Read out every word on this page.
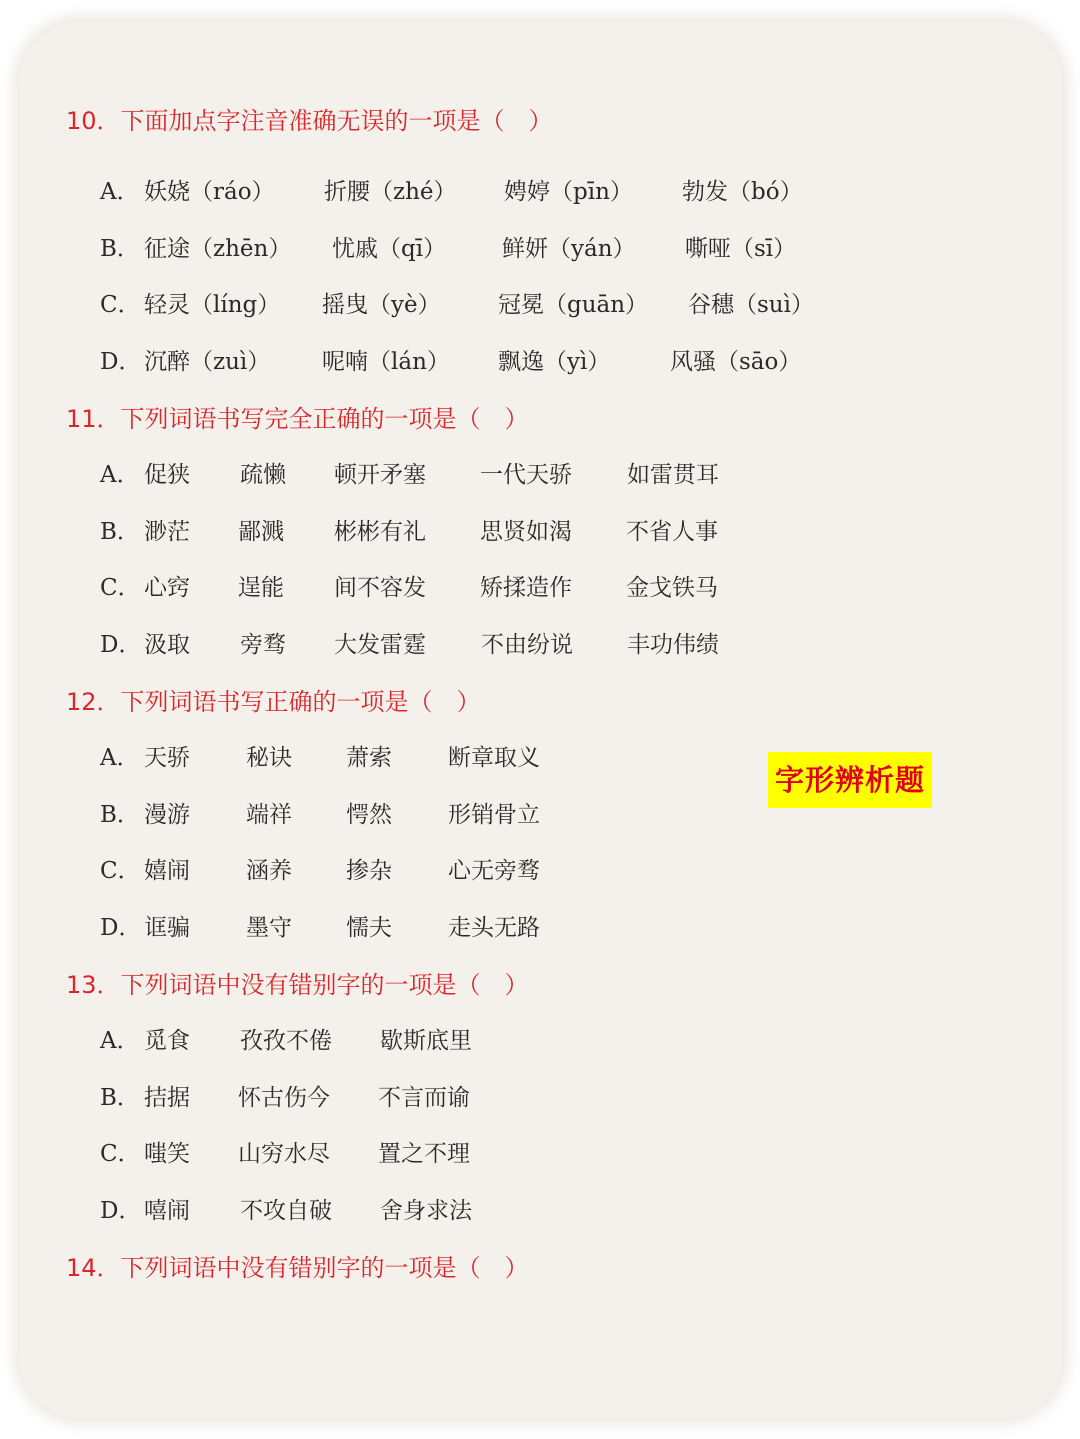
10．下面加点字注音准确无误的一项是（　）
A． 妖娆（ráo） 折腰（zhé） 娉婷（pīn） 勃发（bó）
B． 征途（zhēn） 忧戚（qī） 鲜妍（yán） 嘶哑（sī）
C． 轻灵（líng） 摇曳（yè） 冠冕（guān） 谷穗（suì）
D． 沉醉（zuì） 呢喃（lán） 飘逸（yì）	风骚（sāo）
11．下列词语书写完全正确的一项是（　）
A． 促狭 疏懒 顿开矛塞 一代天骄 如雷贯耳
B． 渺茫 鄙溅 彬彬有礼 思贤如渴 不省人事
C． 心窍 逞能 间不容发 矫揉造作 金戈铁马
D． 汲取 旁骛 大发雷霆 不由纷说 丰功伟绩
12．下列词语书写正确的一项是（　）
A． 天骄 秘诀 萧索 断章取义
B． 漫游 端祥 愕然 形销骨立
C． 嬉闹 涵养 掺杂 心无旁骛
D． 诓骗 墨守 懦夫 走头无路
字形辨析题
13．下列词语中没有错别字的一项是（　）
A． 觅食 孜孜不倦 歇斯底里
B． 拮据 怀古伤今 不言而谕
C． 嗤笑 山穷水尽 置之不理
D． 嘻闹 不攻自破 舍身求法
14．下列词语中没有错别字的一项是（　）
